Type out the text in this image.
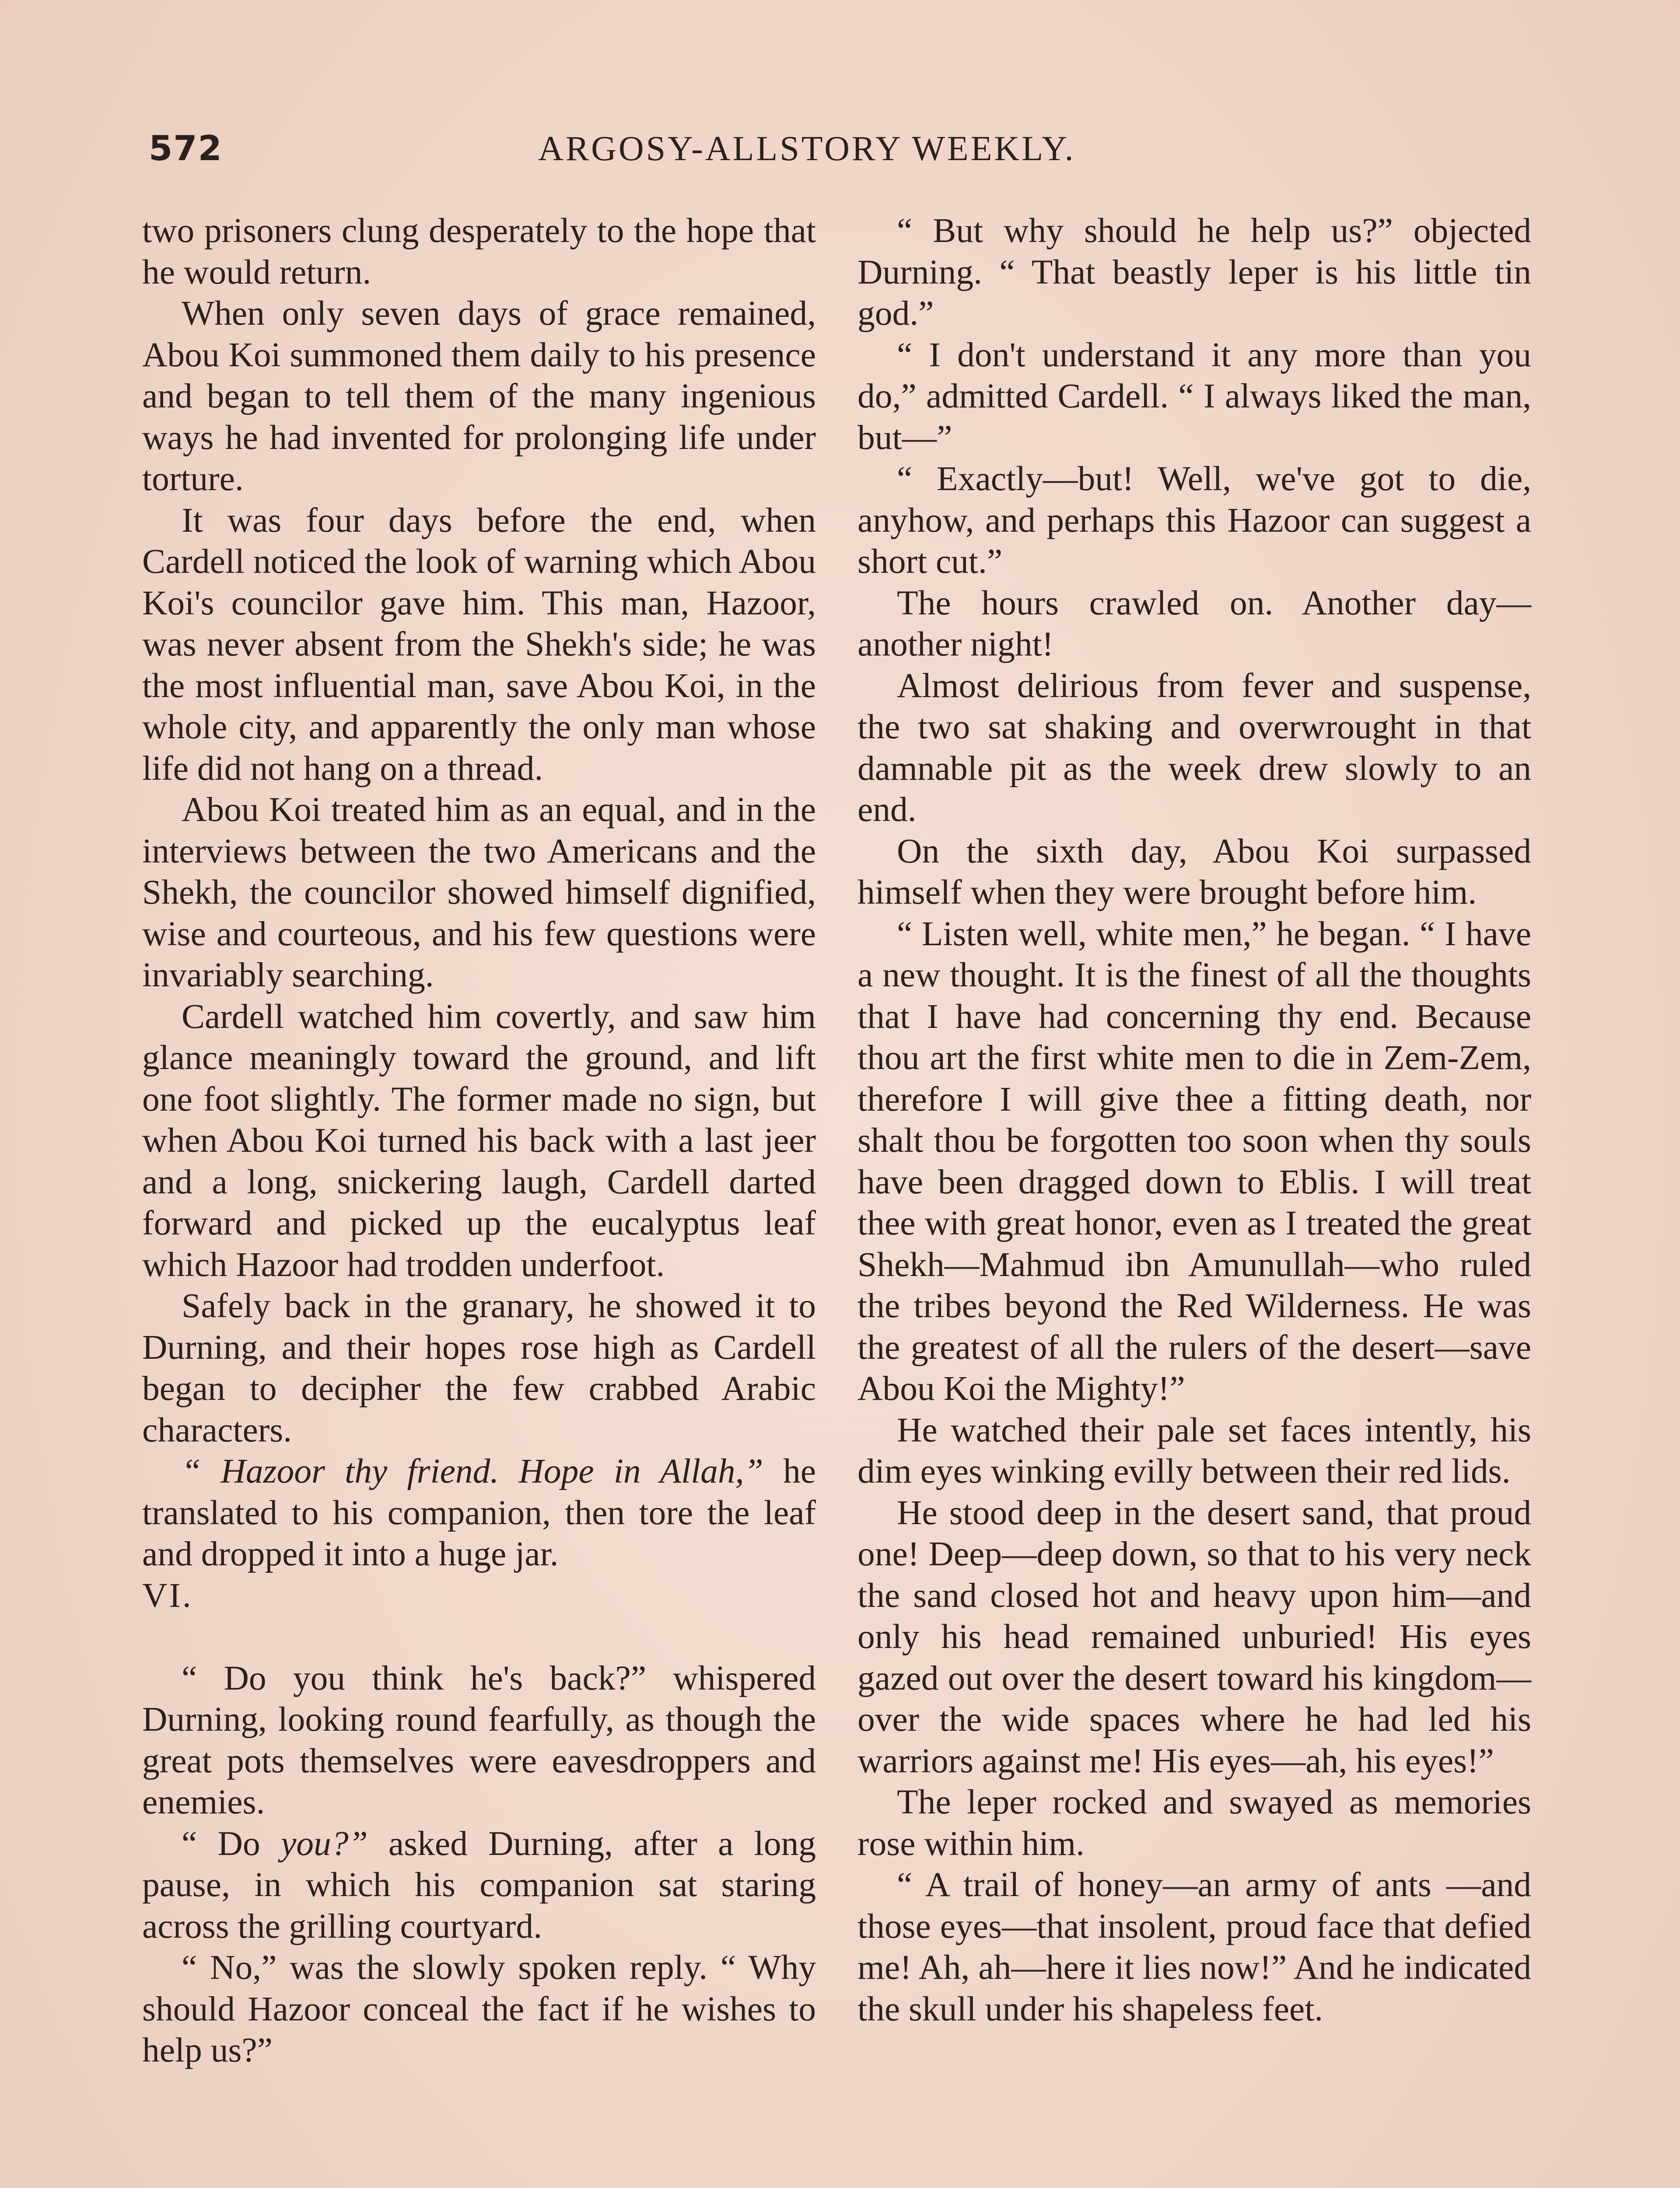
572	ARGOSY-ALLSTORY WEEKLY.

two prisoners clung desperately to the hope that he would return.

When only seven days of grace remained, Abou Koi summoned them daily to his presence and began to tell them of the many ingenious ways he had invented for prolonging life under torture.

It was four days before the end, when Cardell noticed the look of warning which Abou Koi's councilor gave him. This man, Hazoor, was never absent from the Shekh's side; he was the most influential man, save Abou Koi, in the whole city, and apparently the only man whose life did not hang on a thread.

Abou Koi treated him as an equal, and in the interviews between the two Americans and the Shekh, the councilor showed himself dignified, wise and courteous, and his few questions were invariably searching.

Cardell watched him covertly, and saw him glance meaningly toward the ground, and lift one foot slightly. The former made no sign, but when Abou Koi turned his back with a last jeer and a long, snickering laugh, Cardell darted forward and picked up the eucalyptus leaf which Hazoor had trodden underfoot.

Safely back in the granary, he showed it to Durning, and their hopes rose high as Cardell began to decipher the few crabbed Arabic characters.

“ Hazoor thy friend. Hope in Allah,” he translated to his companion, then tore the leaf and dropped it into a huge jar.

VI.

“ Do you think he's back?” whispered Durning, looking round fearfully, as though the great pots themselves were eavesdroppers and enemies.

“ Do you?” asked Durning, after a long pause, in which his companion sat staring across the grilling courtyard.

“ No,” was the slowly spoken reply. “ Why should Hazoor conceal the fact if he wishes to help us?”

“ But why should he help us?” objected Durning. “ That beastly leper is his little tin god.”

“ I don't understand it any more than you do,” admitted Cardell. “ I always liked the man, but—”

“ Exactly—but! Well, we've got to die, anyhow, and perhaps this Hazoor can suggest a short cut.”

The hours crawled on. Another day— another night!

Almost delirious from fever and suspense, the two sat shaking and overwrought in that damnable pit as the week drew slowly to an end.

On the sixth day, Abou Koi surpassed himself when they were brought before him.

“ Listen well, white men,” he began. “ I have a new thought. It is the finest of all the thoughts that I have had concerning thy end. Because thou art the first white men to die in Zem-Zem, therefore I will give thee a fitting death, nor shalt thou be forgotten too soon when thy souls have been dragged down to Eblis. I will treat thee with great honor, even as I treated the great Shekh—Mahmud ibn Amunullah—who ruled the tribes beyond the Red Wilderness. He was the greatest of all the rulers of the desert—save Abou Koi the Mighty!”

He watched their pale set faces intently, his dim eyes winking evilly between their red lids.

He stood deep in the desert sand, that proud one! Deep—deep down, so that to his very neck the sand closed hot and heavy upon him—and only his head remained unburied! His eyes gazed out over the desert toward his kingdom—over the wide spaces where he had led his warriors against me! His eyes—ah, his eyes!”

The leper rocked and swayed as memories rose within him.

“ A trail of honey—an army of ants —and those eyes—that insolent, proud face that defied me! Ah, ah—here it lies now!” And he indicated the skull under his shapeless feet.
